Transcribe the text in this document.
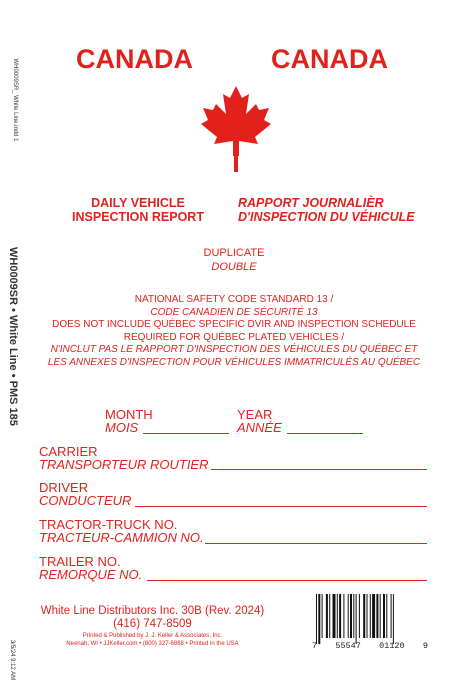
WH0009SR_ White Line.indd 1
WH0009SR • White Line • PMS 185
3/5/24 9:12 AM
CANADA	CANADA
DAILY VEHICLE
INSPECTION REPORT
RAPPORT JOURNALIÈR
D'INSPECTION DU VÉHICULE
DUPLICATE
DOUBLE
NATIONAL SAFETY CODE STANDARD 13 /
CODE CANADIEN DE SÉCURITÉ 13
DOES NOT INCLUDE QUÉBEC SPECIFIC DVIR AND INSPECTION SCHEDULE
REQUIRED FOR QUÉBEC PLATED VEHICLES /
N'INCLUT PAS LE RAPPORT D'INSPECTION DES VÉHICULES DU QUÉBEC ET
LES ANNEXES D'INSPECTION POUR VÉHICULES IMMATRICULÉS AU QUÉBEC
MONTH
MOIS
YEAR
ANNÉE
CARRIER
TRANSPORTEUR ROUTIER
DRIVER
CONDUCTEUR
TRACTOR-TRUCK NO.
TRACTEUR-CAMMION NO.
TRAILER NO.
REMORQUE NO.
White Line Distributors Inc. 30B (Rev. 2024)
(416) 747-8509
Printed & Published by J. J. Keller & Associates, Inc.
Neenah, WI • JJKeller.com • (800) 327-6868 • Printed in the USA	7 55547 01120 9
